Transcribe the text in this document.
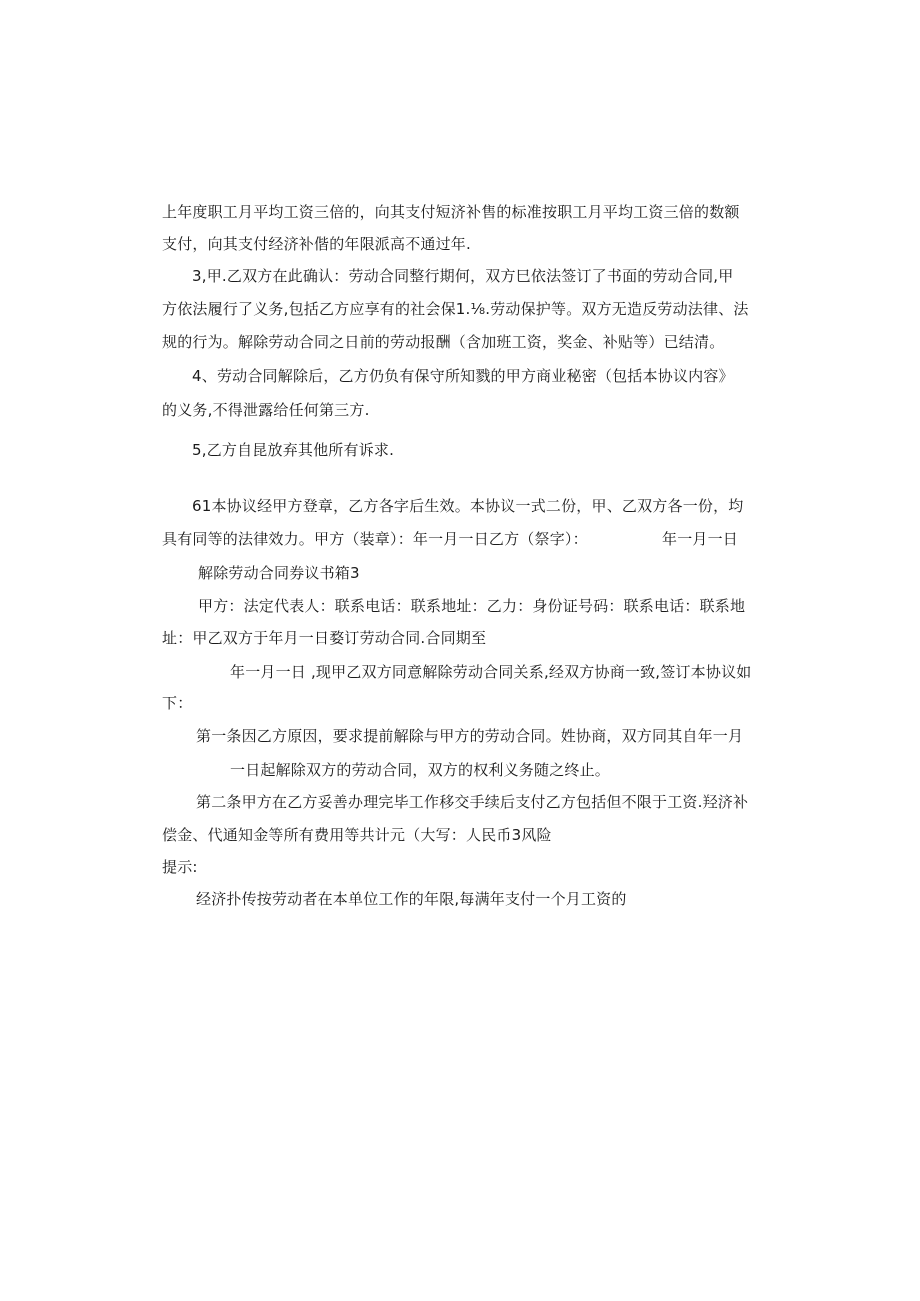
上年度职工月平均工资三倍的，向其支付短济补售的标准按职工月平均工资三倍的数额
支付，向其支付经济补偕的年限派高不通过年.
3,甲.乙双方在此确认：劳动合同整行期何，双方巳依法签订了书面的劳动合同,甲
方依法履行了义务,包括乙方应享有的社会保1.⅛.劳动保护等。双方无造反劳动法律、法
规的行为。解除劳动合同之日前的劳动报酬（含加班工资，奖金、补贴等）已结清。
4、劳动合同解除后，乙方仍负有保守所知戮的甲方商业秘密（包括本协议内容》
的义务,不得泄露给任何第三方.
5,乙方自昆放弃其他所有诉求.
61本协议经甲方登章，乙方各字后生效。本协议一式二份，甲、乙双方各一份，均
具有同等的法律效力。甲方（装章）：年一月一日乙方（祭字）：	年一月一日
解除劳动合同券议书箱3
甲方：法定代表人：联系电话：联系地址：乙力：身份证号码：联系电话：联系地
址：甲乙双方于年月一日婺订劳动合同.合同期至
年一月一日 ,现甲乙双方同意解除劳动合同关系,经双方协商一致,签订本协议如
下：
第一条因乙方原因，要求提前解除与甲方的劳动合同。姓协商，双方同其自年一月
一日起解除双方的劳动合同，双方的权利义务随之终止。
第二条甲方在乙方妥善办理完毕工作移交手续后支付乙方包括但不限于工资.羟济补
偿金、代通知金等所有费用等共计元（大写：人民币3风险
提示:
经济扑传按劳动者在本单位工作的年限,每满年支付一个月工资的
